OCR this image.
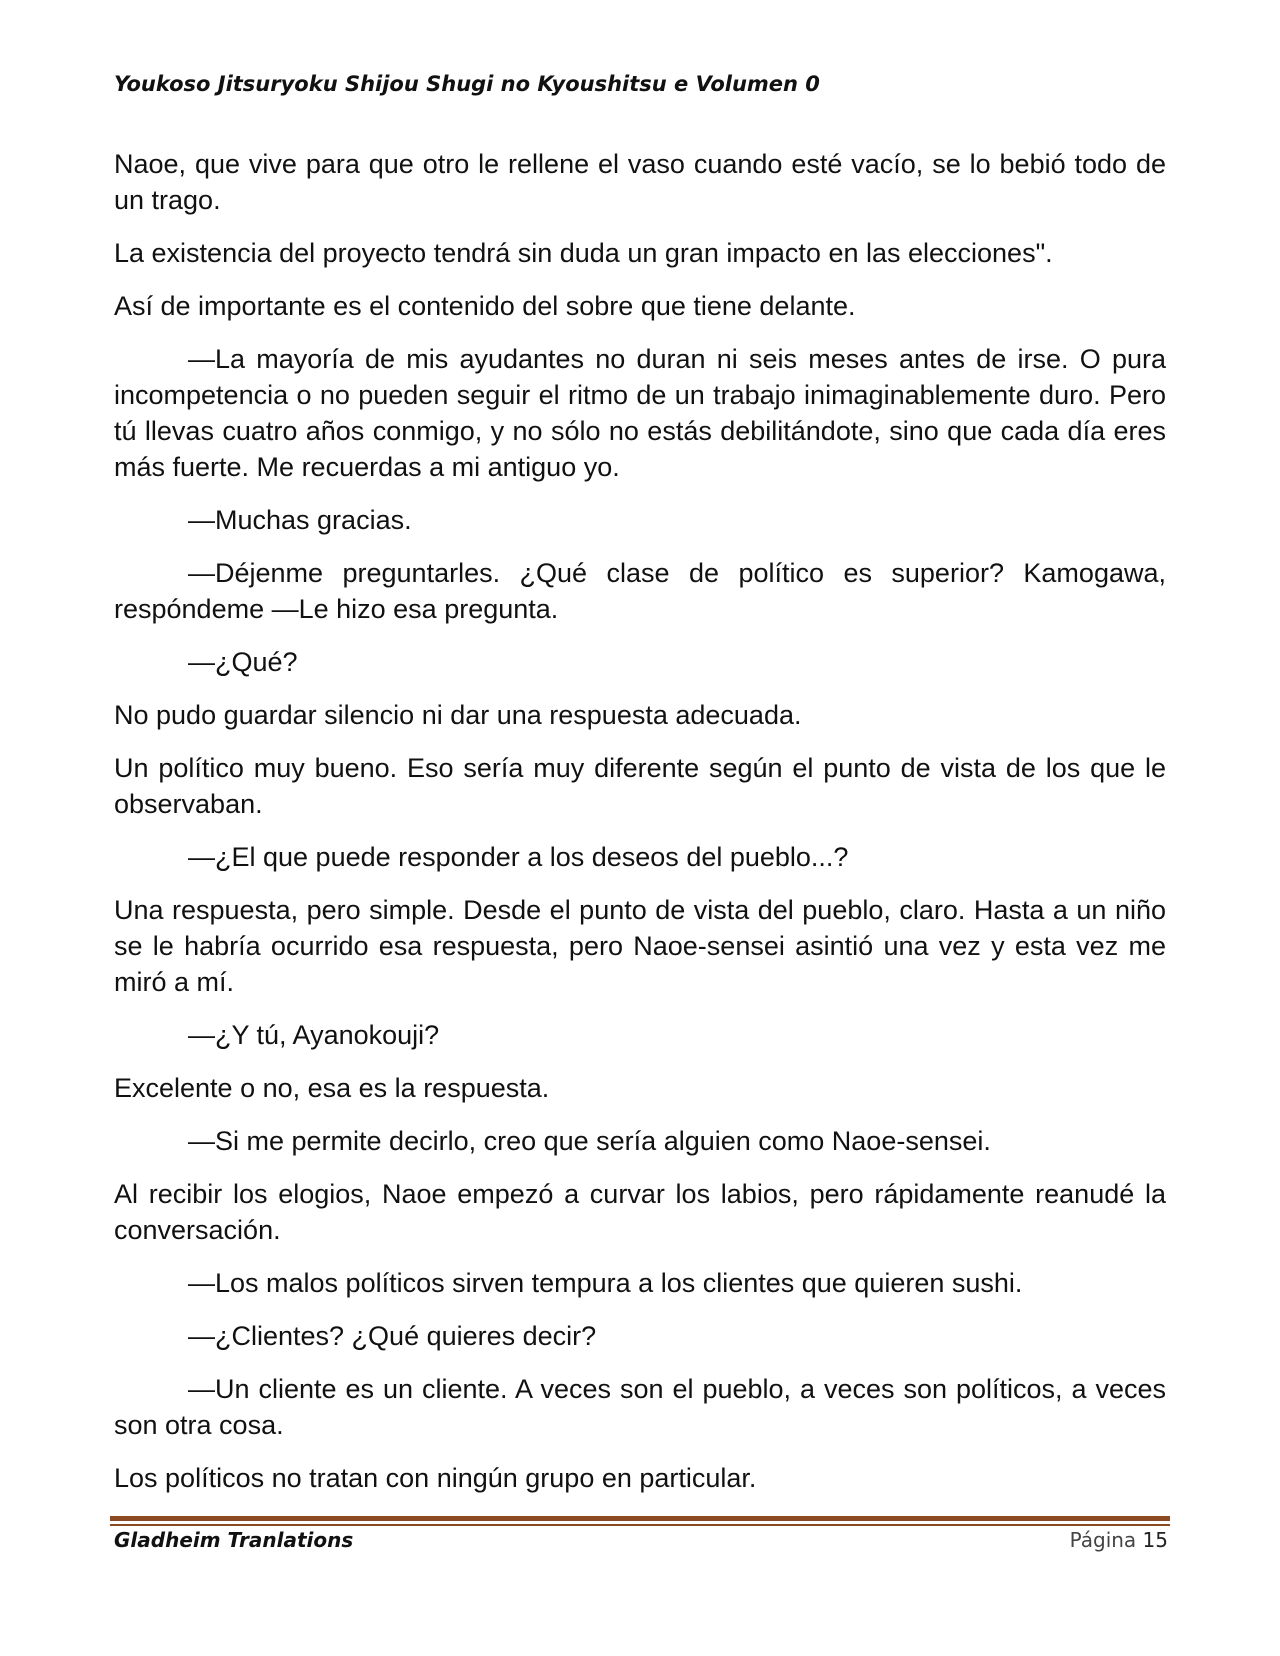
Youkoso Jitsuryoku Shijou Shugi no Kyoushitsu e Volumen 0

Naoe, que vive para que otro le rellene el vaso cuando esté vacío, se lo bebió todo de un trago.

La existencia del proyecto tendrá sin duda un gran impacto en las elecciones".

Así de importante es el contenido del sobre que tiene delante.

—La mayoría de mis ayudantes no duran ni seis meses antes de irse. O pura incompetencia o no pueden seguir el ritmo de un trabajo inimaginablemente duro. Pero tú llevas cuatro años conmigo, y no sólo no estás debilitándote, sino que cada día eres más fuerte. Me recuerdas a mi antiguo yo.

—Muchas gracias.

—Déjenme preguntarles. ¿Qué clase de político es superior? Kamogawa, respóndeme —Le hizo esa pregunta.

—¿Qué?

No pudo guardar silencio ni dar una respuesta adecuada.

Un político muy bueno. Eso sería muy diferente según el punto de vista de los que le observaban.

—¿El que puede responder a los deseos del pueblo...?

Una respuesta, pero simple. Desde el punto de vista del pueblo, claro. Hasta a un niño se le habría ocurrido esa respuesta, pero Naoe-sensei asintió una vez y esta vez me miró a mí.

—¿Y tú, Ayanokouji?

Excelente o no, esa es la respuesta.

—Si me permite decirlo, creo que sería alguien como Naoe-sensei.

Al recibir los elogios, Naoe empezó a curvar los labios, pero rápidamente reanudé la conversación.

—Los malos políticos sirven tempura a los clientes que quieren sushi.

—¿Clientes? ¿Qué quieres decir?

—Un cliente es un cliente. A veces son el pueblo, a veces son políticos, a veces son otra cosa.

Los políticos no tratan con ningún grupo en particular.

Gladheim Tranlations	Página 15
